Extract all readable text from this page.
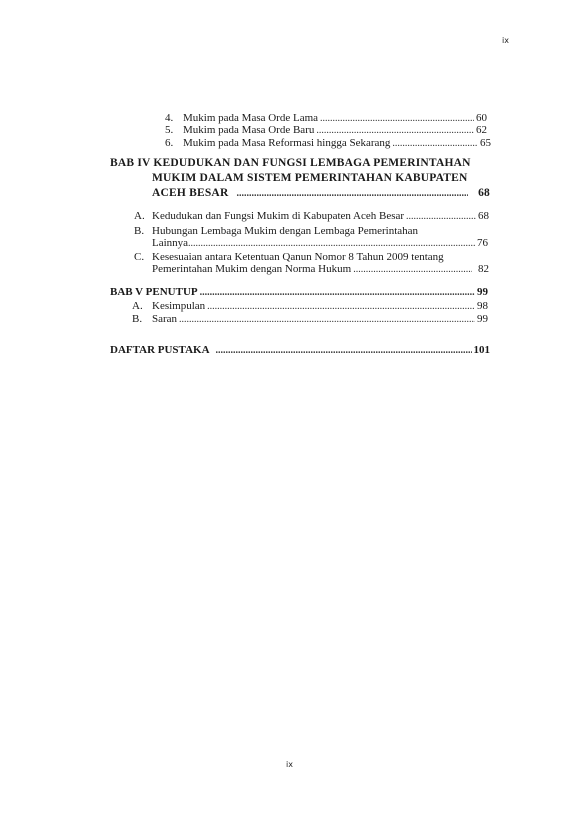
ix
4. Mukim pada Masa Orde Lama .....	60
5. Mukim pada Masa Orde Baru .....	62
6. Mukim pada Masa Reformasi hingga Sekarang .....	65
BAB IV KEDUDUKAN DAN FUNGSI LEMBAGA PEMERINTAHAN
MUKIM DALAM SISTEM PEMERINTAHAN KABUPATEN
ACEH BESAR .....	68
A. Kedudukan dan Fungsi Mukim di Kabupaten Aceh Besar .....	68
B. Hubungan Lembaga Mukim dengan Lembaga Pemerintahan
Lainnya .....	76
C. Kesesuaian antara Ketentuan Qanun Nomor 8 Tahun 2009 tentang
Pemerintahan Mukim dengan Norma Hukum .....	82
BAB V PENUTUP .....	99
A. Kesimpulan .....	98
B. Saran .....	99
DAFTAR PUSTAKA .....	101
ix
